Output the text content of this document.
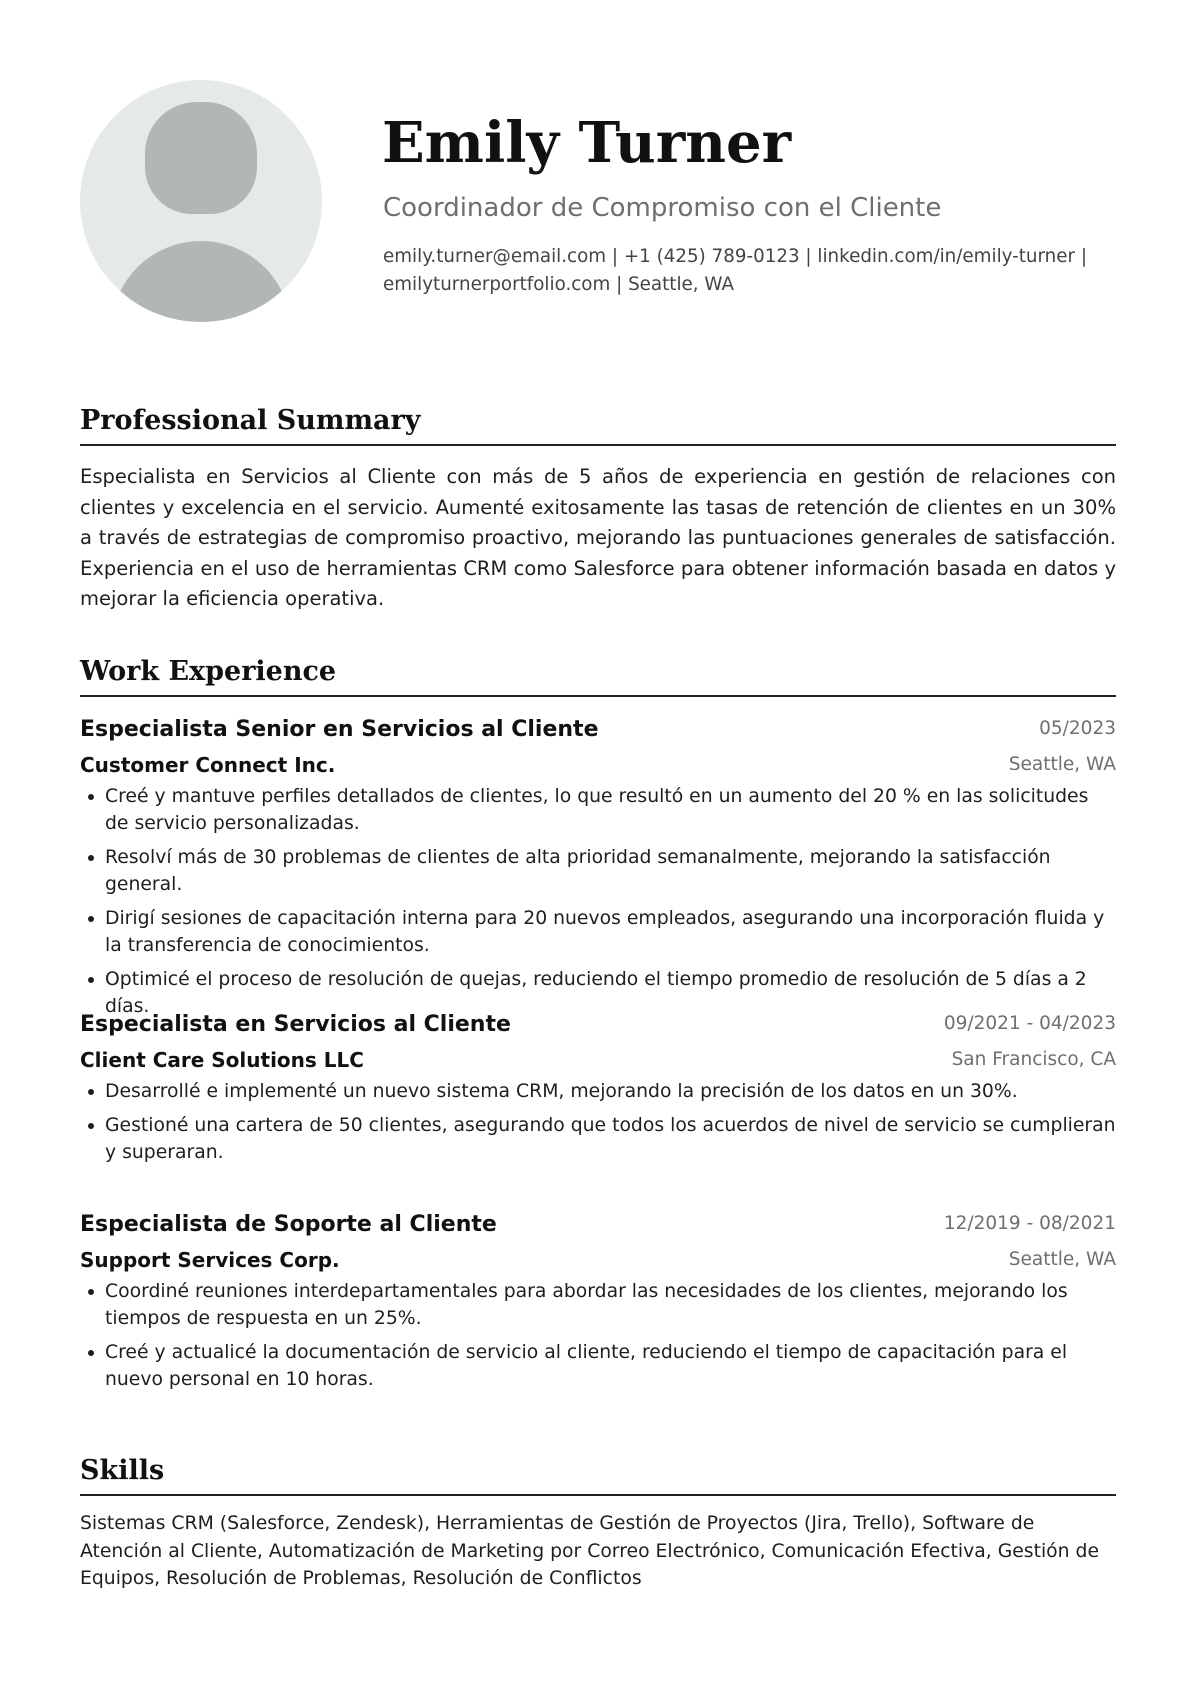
Emily Turner
Coordinador de Compromiso con el Cliente
emily.turner@email.com | +1 (425) 789-0123 | linkedin.com/in/emily-turner |
emilyturnerportfolio.com | Seattle, WA
Professional Summary
Especialista en Servicios al Cliente con más de 5 años de experiencia en gestión de relaciones con clientes y excelencia en el servicio. Aumenté exitosamente las tasas de retención de clientes en un 30% a través de estrategias de compromiso proactivo, mejorando las puntuaciones generales de satisfacción. Experiencia en el uso de herramientas CRM como Salesforce para obtener información basada en datos y mejorar la eficiencia operativa.
Work Experience
Especialista Senior en Servicios al Cliente	05/2023
Customer Connect Inc.	Seattle, WA
Creé y mantuve perfiles detallados de clientes, lo que resultó en un aumento del 20 % en las solicitudes de servicio personalizadas.
Resolví más de 30 problemas de clientes de alta prioridad semanalmente, mejorando la satisfacción general.
Dirigí sesiones de capacitación interna para 20 nuevos empleados, asegurando una incorporación fluida y la transferencia de conocimientos.
Optimicé el proceso de resolución de quejas, reduciendo el tiempo promedio de resolución de 5 días a 2 días.
Especialista en Servicios al Cliente	09/2021 - 04/2023
Client Care Solutions LLC	San Francisco, CA
Desarrollé e implementé un nuevo sistema CRM, mejorando la precisión de los datos en un 30%.
Gestioné una cartera de 50 clientes, asegurando que todos los acuerdos de nivel de servicio se cumplieran y superaran.
Especialista de Soporte al Cliente	12/2019 - 08/2021
Support Services Corp.	Seattle, WA
Coordiné reuniones interdepartamentales para abordar las necesidades de los clientes, mejorando los tiempos de respuesta en un 25%.
Creé y actualicé la documentación de servicio al cliente, reduciendo el tiempo de capacitación para el nuevo personal en 10 horas.
Skills
Sistemas CRM (Salesforce, Zendesk), Herramientas de Gestión de Proyectos (Jira, Trello), Software de Atención al Cliente, Automatización de Marketing por Correo Electrónico, Comunicación Efectiva, Gestión de Equipos, Resolución de Problemas, Resolución de Conflictos
